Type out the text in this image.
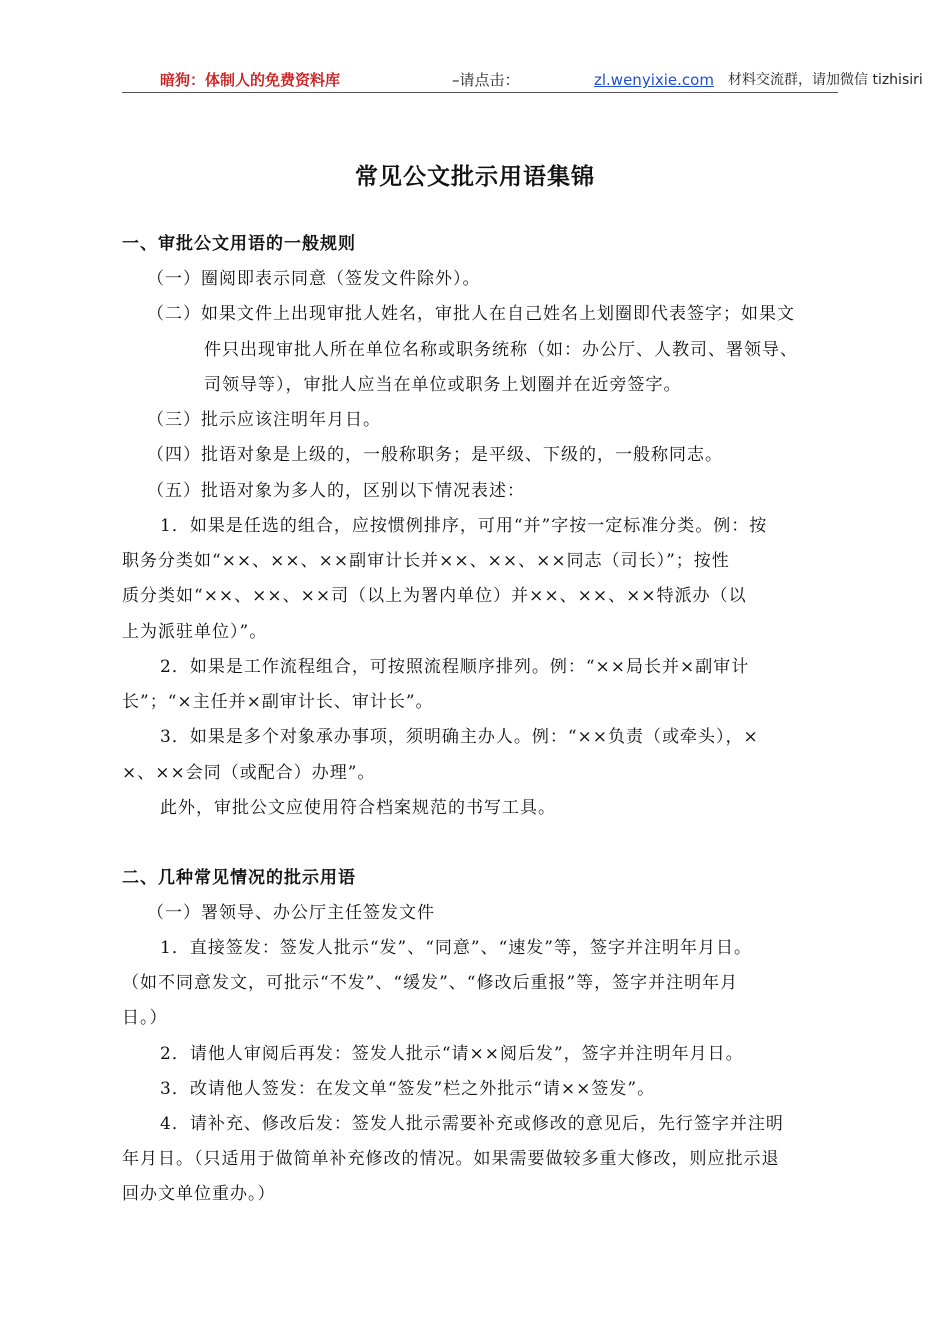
暗狗：体制人的免费资料库	–请点击：	zl.wenyixie.com 材料交流群，请加微信 tizhisiri
常见公文批示用语集锦
一、审批公文用语的一般规则
（一）圈阅即表示同意（签发文件除外）。
（二）如果文件上出现审批人姓名，审批人在自己姓名上划圈即代表签字；如果文
件只出现审批人所在单位名称或职务统称（如：办公厅、人教司、署领导、
司领导等），审批人应当在单位或职务上划圈并在近旁签字。
（三）批示应该注明年月日。
（四）批语对象是上级的，一般称职务；是平级、下级的，一般称同志。
（五）批语对象为多人的，区别以下情况表述：
1．如果是任选的组合，应按惯例排序，可用“并”字按一定标准分类。例：按
职务分类如“××、××、××副审计长并××、××、××同志（司长）”；按性
质分类如“××、××、××司（以上为署内单位）并××、××、××特派办（以
上为派驻单位）”。
2．如果是工作流程组合，可按照流程顺序排列。例：“××局长并×副审计
长”；“×主任并×副审计长、审计长”。
3．如果是多个对象承办事项，须明确主办人。例：“××负责（或牵头），×
×、××会同（或配合）办理”。
此外，审批公文应使用符合档案规范的书写工具。
二、几种常见情况的批示用语
（一）署领导、办公厅主任签发文件
1．直接签发：签发人批示“发”、“同意”、“速发”等，签字并注明年月日。
（如不同意发文，可批示“不发”、“缓发”、“修改后重报”等，签字并注明年月
日。）
2．请他人审阅后再发：签发人批示“请××阅后发”，签字并注明年月日。
3．改请他人签发：在发文单“签发”栏之外批示“请××签发”。
4．请补充、修改后发：签发人批示需要补充或修改的意见后，先行签字并注明
年月日。（只适用于做简单补充修改的情况。如果需要做较多重大修改，则应批示退
回办文单位重办。）
